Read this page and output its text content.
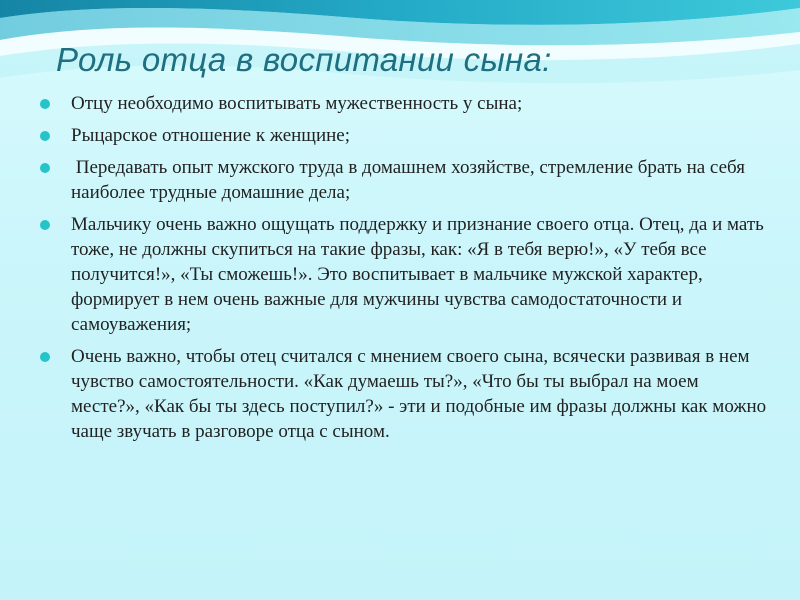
Роль отца в воспитании сына:
Отцу необходимо воспитывать мужественность у сына;
Рыцарское отношение к женщине;
Передавать опыт мужского труда в домашнем хозяйстве, стремление брать на себя наиболее трудные домашние дела;
Мальчику очень важно ощущать поддержку и признание своего отца. Отец, да и мать тоже, не должны скупиться на такие фразы, как: «Я в тебя верю!», «У тебя все получится!», «Ты сможешь!». Это воспитывает в мальчике мужской характер, формирует в нем очень важные для мужчины чувства самодостаточности и самоуважения;
Очень важно, чтобы отец считался с мнением своего сына, всячески развивая в нем чувство самостоятельности. «Как думаешь ты?», «Что бы ты выбрал на моем месте?», «Как бы ты здесь поступил?» - эти и подобные им фразы должны как можно чаще звучать в разговоре отца с сыном.
